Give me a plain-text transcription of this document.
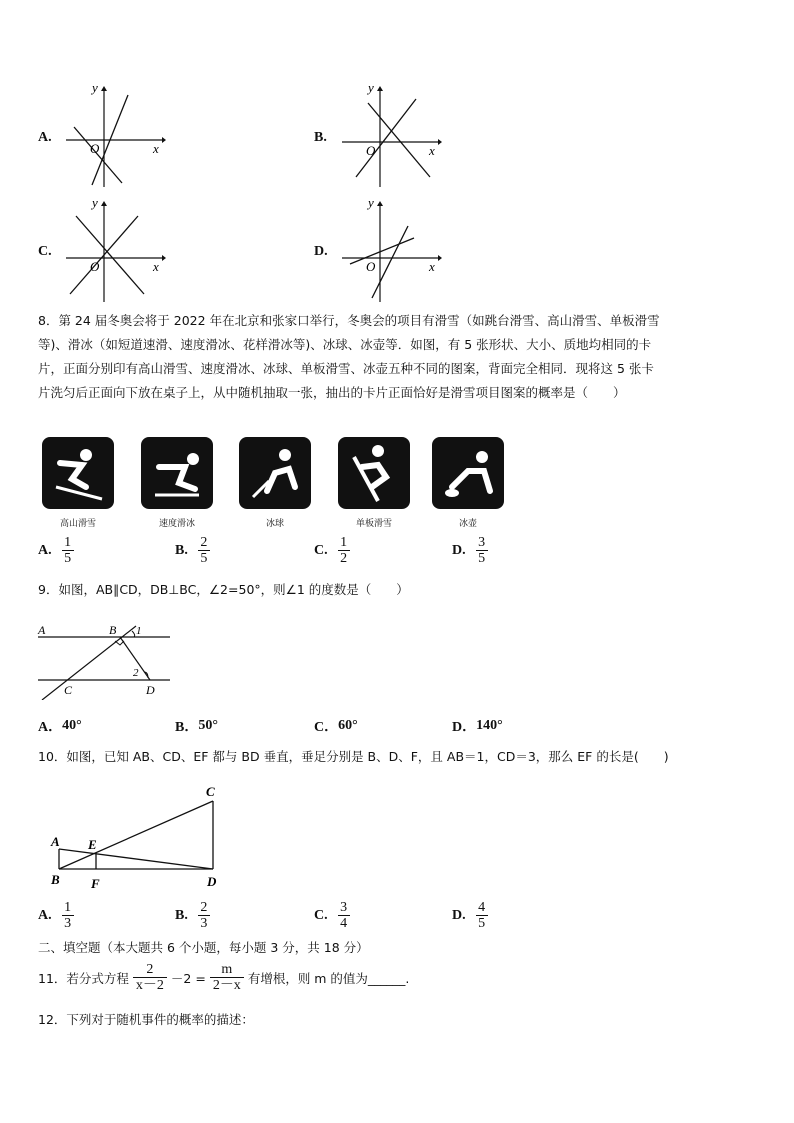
A.
y
x
O
B.
y
x
O
C.
y
x
O
D.
y
x
O
8．第 24 届冬奥会将于 2022 年在北京和张家口举行，冬奥会的项目有滑雪（如跳台滑雪、高山滑雪、单板滑雪
等)、滑冰（如短道速滑、速度滑冰、花样滑冰等)、冰球、冰壶等．如图，有 5 张形状、大小、质地均相同的卡
片，正面分别印有高山滑雪、速度滑冰、冰球、单板滑雪、冰壶五种不同的图案，背面完全相同．现将这 5 张卡
片洗匀后正面向下放在桌子上，从中随机抽取一张，抽出的卡片正面恰好是滑雪项目图案的概率是（　　）
高山滑雪	速度滑冰	冰球	单板滑雪	冰壶
A. $\frac{1}{5}$	B. $\frac{2}{5}$	C. $\frac{1}{2}$	D. $\frac{3}{5}$
9．如图，AB∥CD，DB⊥BC，∠2=50°，则∠1 的度数是（　　）
A	B
C	D
1
2
A． 40°	B． 50°	C． 60°	D． 140°
10．如图，已知 AB、CD、EF 都与 BD 垂直，垂足分别是 B、D、F，且 AB＝1，CD＝3，那么 EF 的长是(　　)
A
B
C
D
E
F
A. $\frac{1}{3}$	B. $\frac{2}{3}$	C. $\frac{3}{4}$	D. $\frac{4}{5}$
二、填空题（本大题共 6 个小题，每小题 3 分，共 18 分）
11．若分式方程 $\frac{2}{x-2} -2 = \frac{m}{2-x}$ 有增根，则 m 的值为______.
12．下列对于随机事件的概率的描述：
